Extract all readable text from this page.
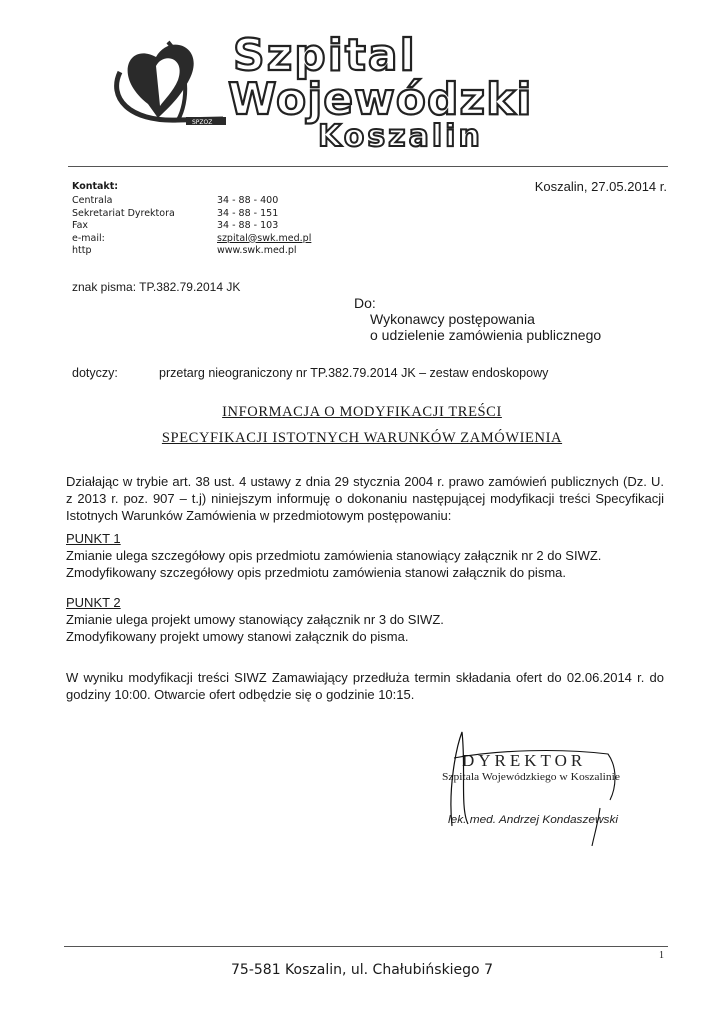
SPZOZ
Szpital
Wojewódzki
Koszalin
Kontakt:
Centrala	34 - 88 - 400
Sekretariat Dyrektora	34 - 88 - 151
Fax	34 - 88 - 103
e-mail:	szpital@swk.med.pl
http	www.swk.med.pl
Koszalin, 27.05.2014 r.
znak pisma: TP.382.79.2014 JK
Do:
Wykonawcy postępowania
o udzielenie zamówienia publicznego
dotyczy:	przetarg nieograniczony nr TP.382.79.2014 JK – zestaw endoskopowy
INFORMACJA O MODYFIKACJI TREŚCI
SPECYFIKACJI ISTOTNYCH WARUNKÓW ZAMÓWIENIA
Działając w trybie art. 38 ust. 4 ustawy z dnia 29 stycznia 2004 r. prawo zamówień publicznych (Dz. U. z 2013 r. poz. 907 – t.j) niniejszym informuję o dokonaniu następującej modyfikacji treści Specyfikacji Istotnych Warunków Zamówienia w przedmiotowym postępowaniu:
PUNKT 1
Zmianie ulega szczegółowy opis przedmiotu zamówienia stanowiący załącznik nr 2 do SIWZ.
Zmodyfikowany szczegółowy opis przedmiotu zamówienia stanowi załącznik do pisma.
PUNKT 2
Zmianie ulega projekt umowy stanowiący załącznik nr 3 do SIWZ.
Zmodyfikowany projekt umowy stanowi załącznik do pisma.
W wyniku modyfikacji treści SIWZ Zamawiający przedłuża termin składania ofert do 02.06.2014 r. do godziny 10:00. Otwarcie ofert odbędzie się o godzinie 10:15.
DYREKTOR
Szpitala Wojewódzkiego w Koszalinie
lek. med. Andrzej Kondaszewski
1
75-581 Koszalin, ul. Chałubińskiego 7
